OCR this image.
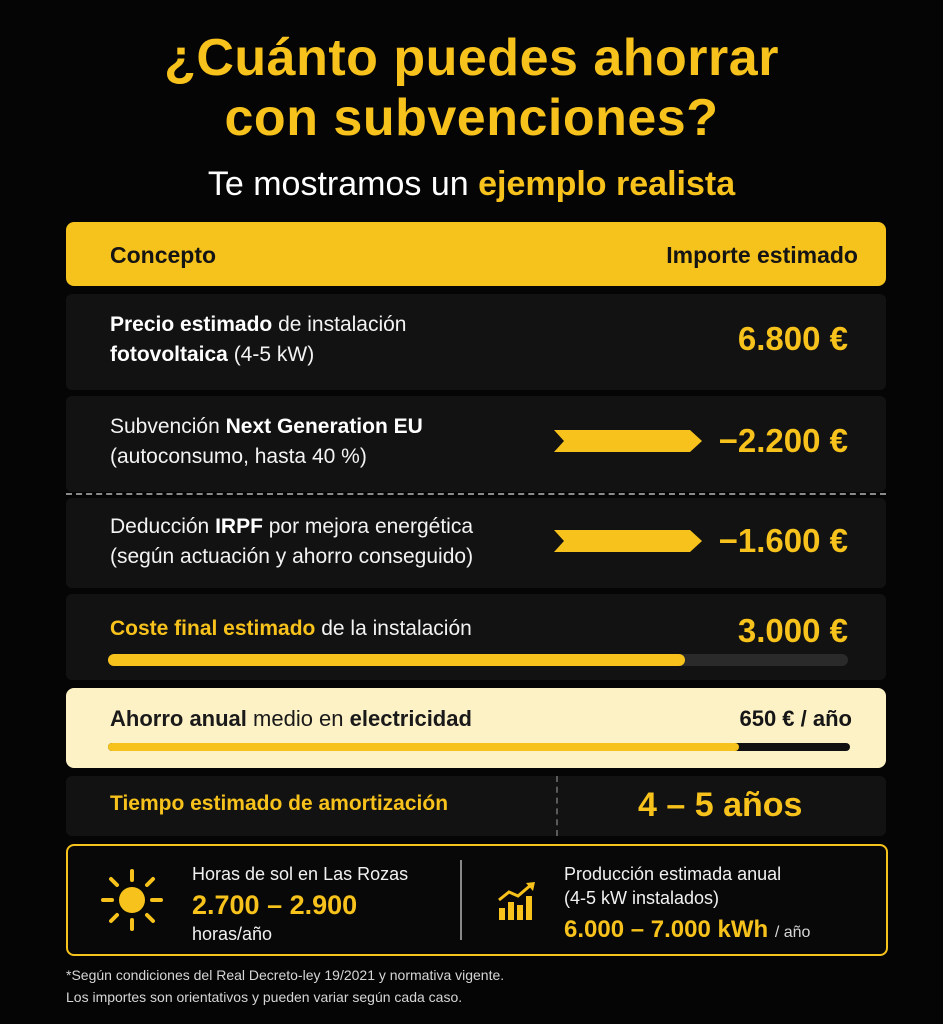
¿Cuánto puedes ahorrar
con subvenciones?
Te mostramos un ejemplo realista
Concepto	Importe estimado
Precio estimado de instalación
fotovoltaica (4-5 kW)	6.800 €
Subvención Next Generation EU
(autoconsumo, hasta 40 %)	−2.200 €
Deducción IRPF por mejora energética
(según actuación y ahorro conseguido)	−1.600 €
Coste final estimado de la instalación	3.000 €
Ahorro anual medio en electricidad	650 € / año
Tiempo estimado de amortización	4 – 5 años
Horas de sol en Las Rozas
2.700 – 2.900
horas/año
Producción estimada anual
(4-5 kW instalados)
6.000 – 7.000 kWh / año
*Según condiciones del Real Decreto-ley 19/2021 y normativa vigente.
Los importes son orientativos y pueden variar según cada caso.
